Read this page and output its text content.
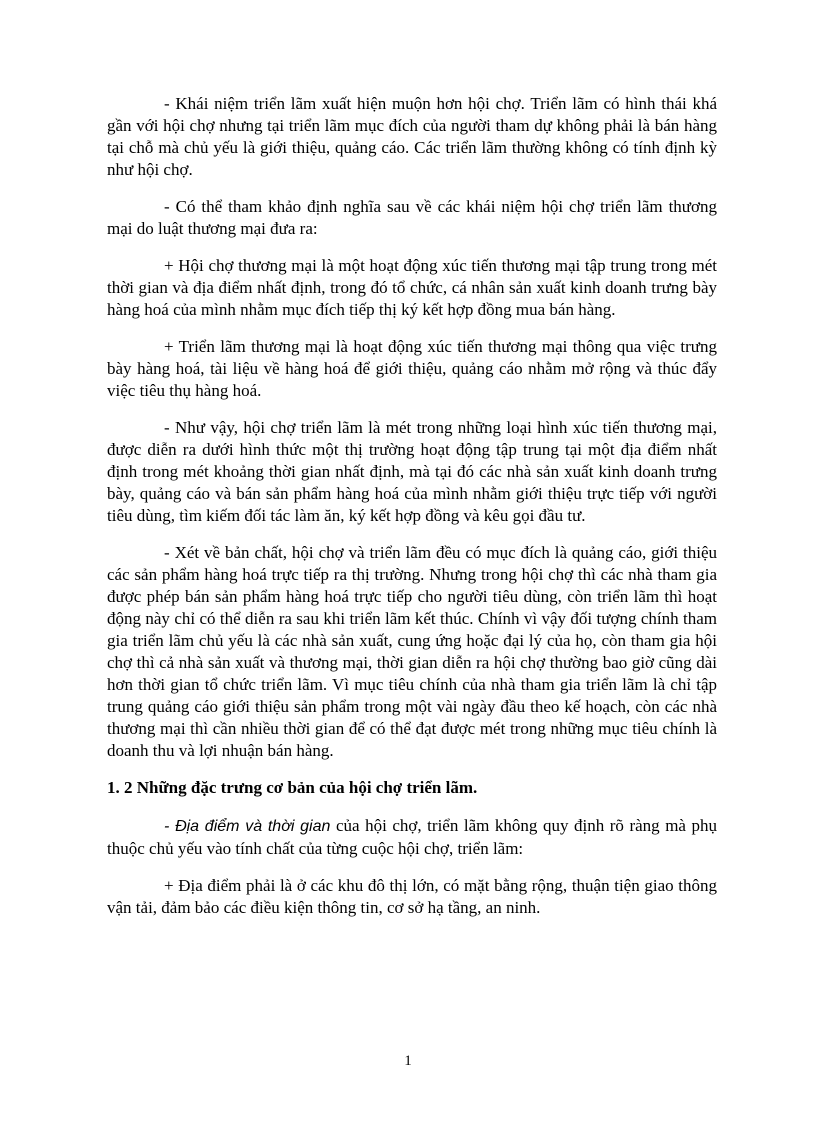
- Khái niệm triển lãm xuất hiện muộn hơn hội chợ. Triển lãm có hình thái khá gần với hội chợ nhưng tại triển lãm mục đích của người tham dự không phải là bán hàng tại chỗ mà chủ yếu là giới thiệu, quảng cáo. Các triển lãm thường không có tính định kỳ như hội chợ.

- Có thể tham khảo định nghĩa sau về các khái niệm hội chợ triển lãm thương mại do luật thương mại đưa ra:

+ Hội chợ thương mại là một hoạt động xúc tiến thương mại tập trung trong mét thời gian và địa điểm nhất định, trong đó tổ chức, cá nhân sản xuất kinh doanh trưng bày hàng hoá của mình nhằm mục đích tiếp thị ký kết hợp đồng mua bán hàng.

+ Triển lãm thương mại là hoạt động xúc tiến thương mại thông qua việc trưng bày hàng hoá, tài liệu về hàng hoá để giới thiệu, quảng cáo nhằm mở rộng và thúc đẩy việc tiêu thụ hàng hoá.

- Như vậy, hội chợ triển lãm là mét trong những loại hình xúc tiến thương mại, được diễn ra dưới hình thức một thị trường hoạt động tập trung tại một địa điểm nhất định trong mét khoảng thời gian nhất định, mà tại đó các nhà sản xuất kinh doanh trưng bày, quảng cáo và bán sản phẩm hàng hoá của mình nhằm giới thiệu trực tiếp với người tiêu dùng, tìm kiếm đối tác làm ăn, ký kết hợp đồng và kêu gọi đầu tư.

- Xét về bản chất, hội chợ và triển lãm đều có mục đích là quảng cáo, giới thiệu các sản phẩm hàng hoá trực tiếp ra thị trường. Nhưng trong hội chợ thì các nhà tham gia được phép bán sản phẩm hàng hoá trực tiếp cho người tiêu dùng, còn triển lãm thì hoạt động này chỉ có thể diễn ra sau khi triển lãm kết thúc. Chính vì vậy đối tượng chính tham gia triển lãm chủ yếu là các nhà sản xuất, cung ứng hoặc đại lý của họ, còn tham gia hội chợ thì cả nhà sản xuất và thương mại, thời gian diễn ra hội chợ thường bao giờ cũng dài hơn thời gian tổ chức triển lãm. Vì mục tiêu chính của nhà tham gia triển lãm là chỉ tập trung quảng cáo giới thiệu sản phẩm trong một vài ngày đầu theo kế hoạch, còn các nhà thương mại thì cần nhiều thời gian để có thể đạt được mét trong những mục tiêu chính là doanh thu và lợi nhuận bán hàng.

1. 2 Những đặc trưng cơ bản của hội chợ triển lãm.

- Địa điểm và thời gian của hội chợ, triển lãm không quy định rõ ràng mà phụ thuộc chủ yếu vào tính chất của từng cuộc hội chợ, triển lãm:

+ Địa điểm phải là ở các khu đô thị lớn, có mặt bằng rộng, thuận tiện giao thông vận tải, đảm bảo các điều kiện thông tin, cơ sở hạ tầng, an ninh.

1
